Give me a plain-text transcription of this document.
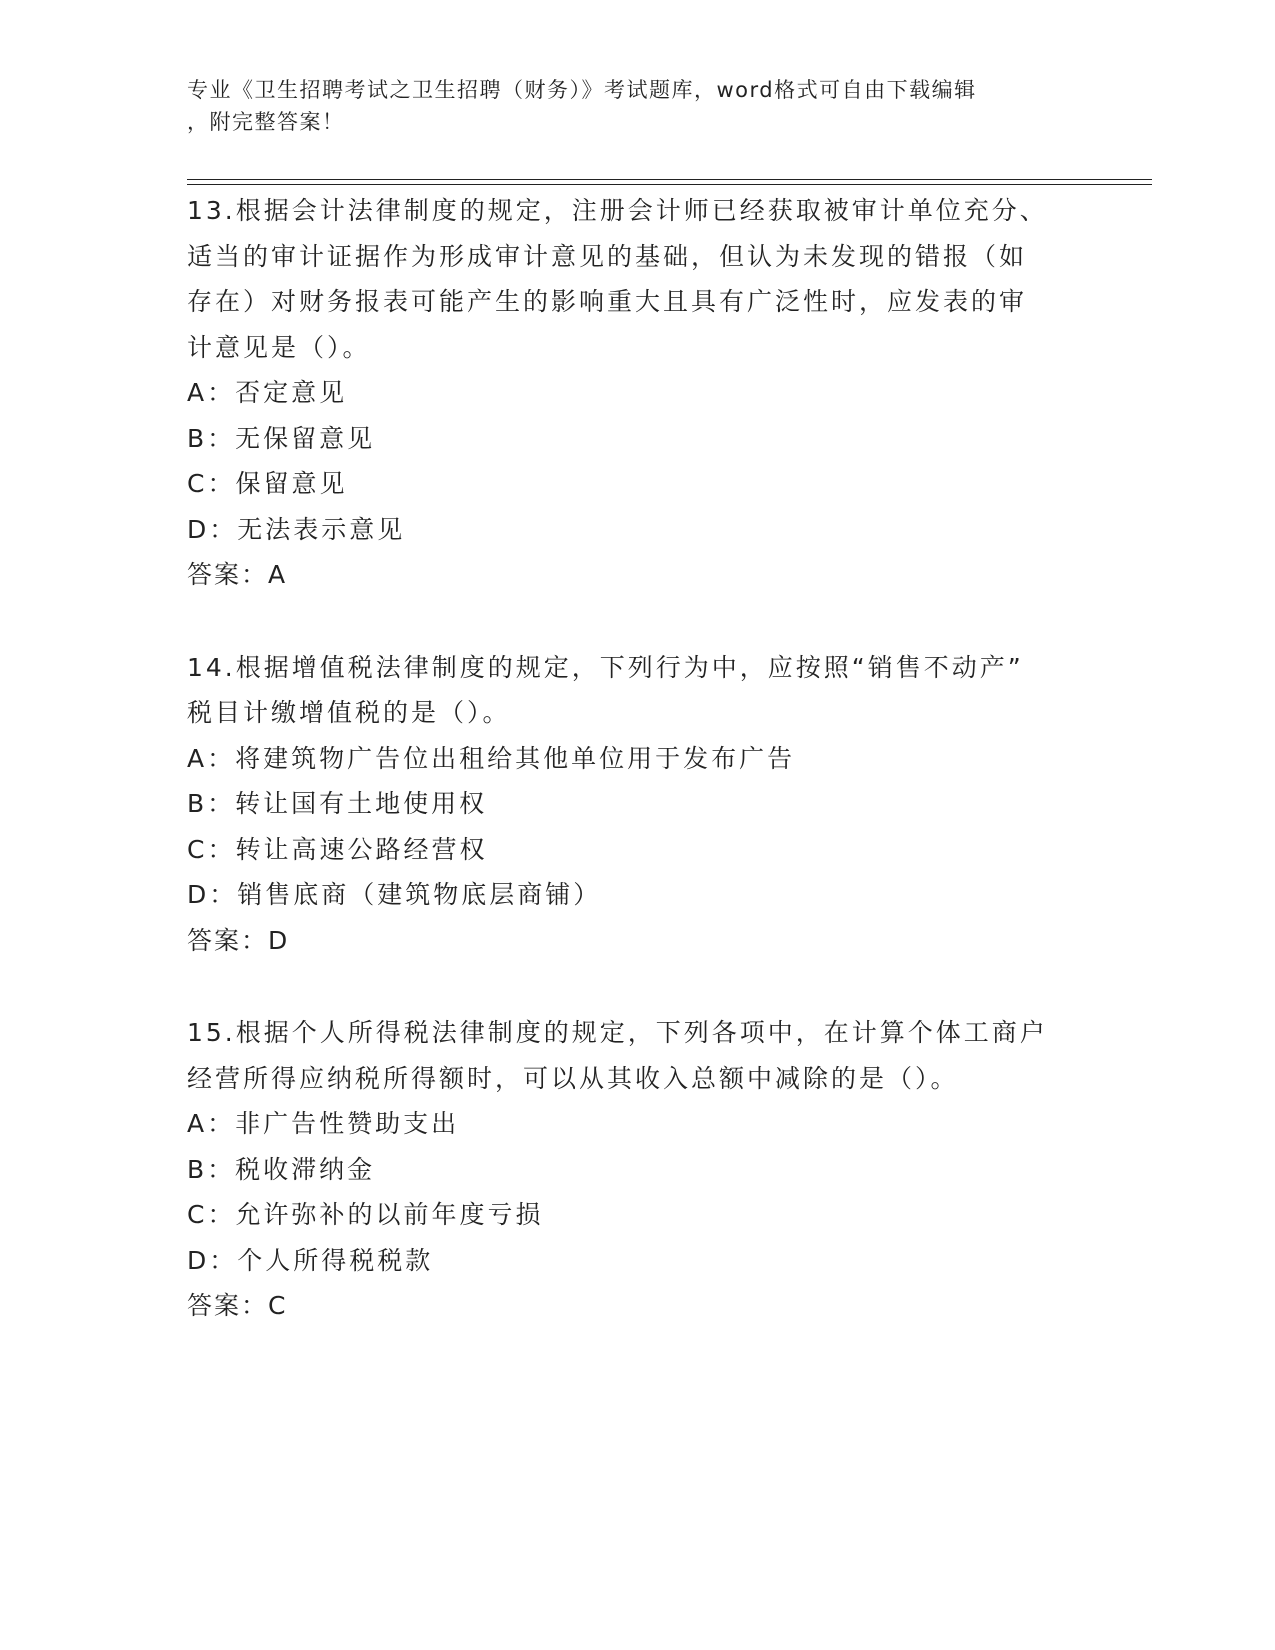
专业《卫生招聘考试之卫生招聘（财务）》考试题库，word格式可自由下载编辑
，附完整答案！
13.根据会计法律制度的规定，注册会计师已经获取被审计单位充分、
适当的审计证据作为形成审计意见的基础，但认为未发现的错报（如
存在）对财务报表可能产生的影响重大且具有广泛性时，应发表的审
计意见是（）。
A：否定意见
B：无保留意见
C：保留意见
D：无法表示意见
答案：A
14.根据增值税法律制度的规定，下列行为中，应按照“销售不动产”
税目计缴增值税的是（）。
A：将建筑物广告位出租给其他单位用于发布广告
B：转让国有土地使用权
C：转让高速公路经营权
D：销售底商（建筑物底层商铺）
答案：D
15.根据个人所得税法律制度的规定，下列各项中，在计算个体工商户
经营所得应纳税所得额时，可以从其收入总额中减除的是（）。
A：非广告性赞助支出
B：税收滞纳金
C：允许弥补的以前年度亏损
D：个人所得税税款
答案：C
